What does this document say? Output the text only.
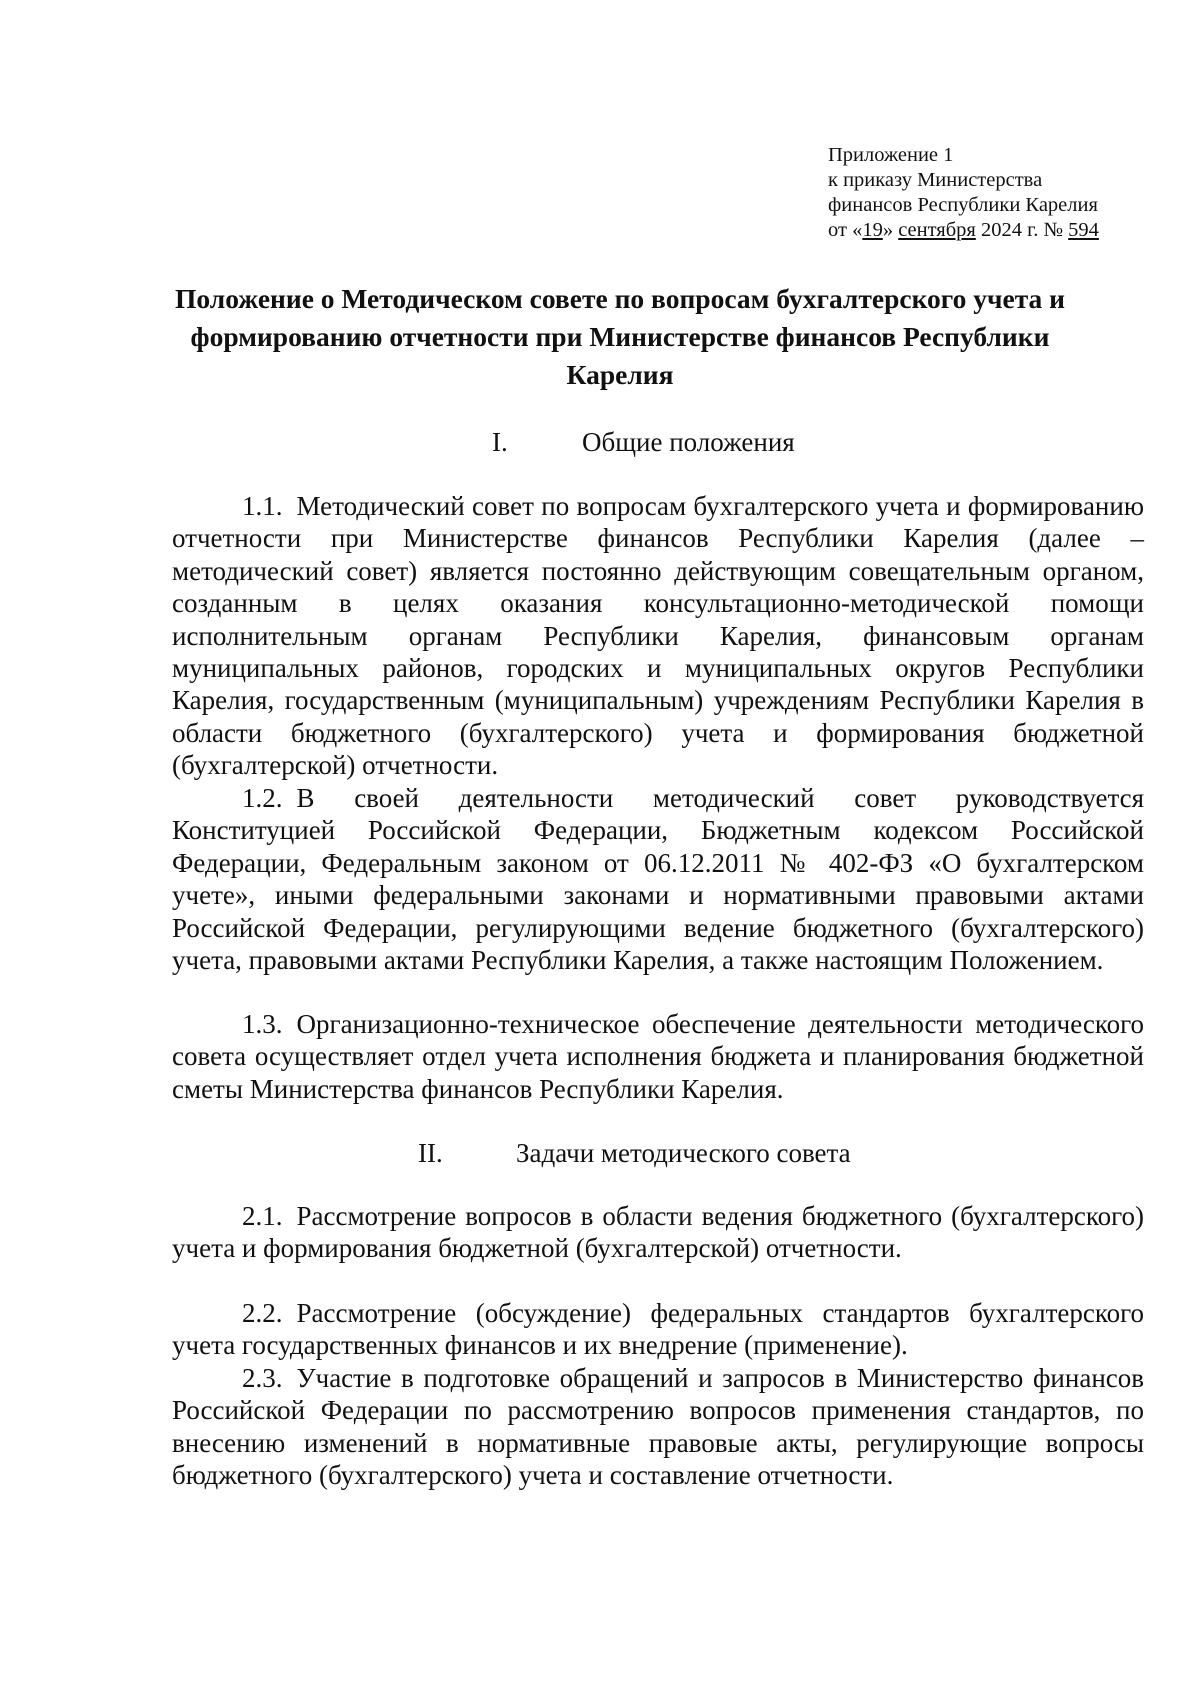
Приложение 1
к приказу Министерства
финансов Республики Карелия
от «19» сентября 2024 г. № 594
Положение о Методическом совете по вопросам бухгалтерского учета и формированию отчетности при Министерстве финансов Республики Карелия
I.	Общие положения
1.1. Методический совет по вопросам бухгалтерского учета и формированию отчетности при Министерстве финансов Республики Карелия (далее – методический совет) является постоянно действующим совещательным органом, созданным в целях оказания консультационно-методической помощи исполнительным органам Республики Карелия, финансовым органам муниципальных районов, городских и муниципальных округов Республики Карелия, государственным (муниципальным) учреждениям Республики Карелия в области бюджетного (бухгалтерского) учета и формирования бюджетной (бухгалтерской) отчетности.
1.2. В своей деятельности методический совет руководствуется Конституцией Российской Федерации, Бюджетным кодексом Российской Федерации, Федеральным законом от 06.12.2011 № 402-ФЗ «О бухгалтерском учете», иными федеральными законами и нормативными правовыми актами Российской Федерации, регулирующими ведение бюджетного (бухгалтерского) учета, правовыми актами Республики Карелия, а также настоящим Положением.
1.3. Организационно-техническое обеспечение деятельности методического совета осуществляет отдел учета исполнения бюджета и планирования бюджетной сметы Министерства финансов Республики Карелия.
II.	Задачи методического совета
2.1. Рассмотрение вопросов в области ведения бюджетного (бухгалтерского) учета и формирования бюджетной (бухгалтерской) отчетности.
2.2. Рассмотрение (обсуждение) федеральных стандартов бухгалтерского учета государственных финансов и их внедрение (применение).
2.3. Участие в подготовке обращений и запросов в Министерство финансов Российской Федерации по рассмотрению вопросов применения стандартов, по внесению изменений в нормативные правовые акты, регулирующие вопросы бюджетного (бухгалтерского) учета и составление отчетности.
